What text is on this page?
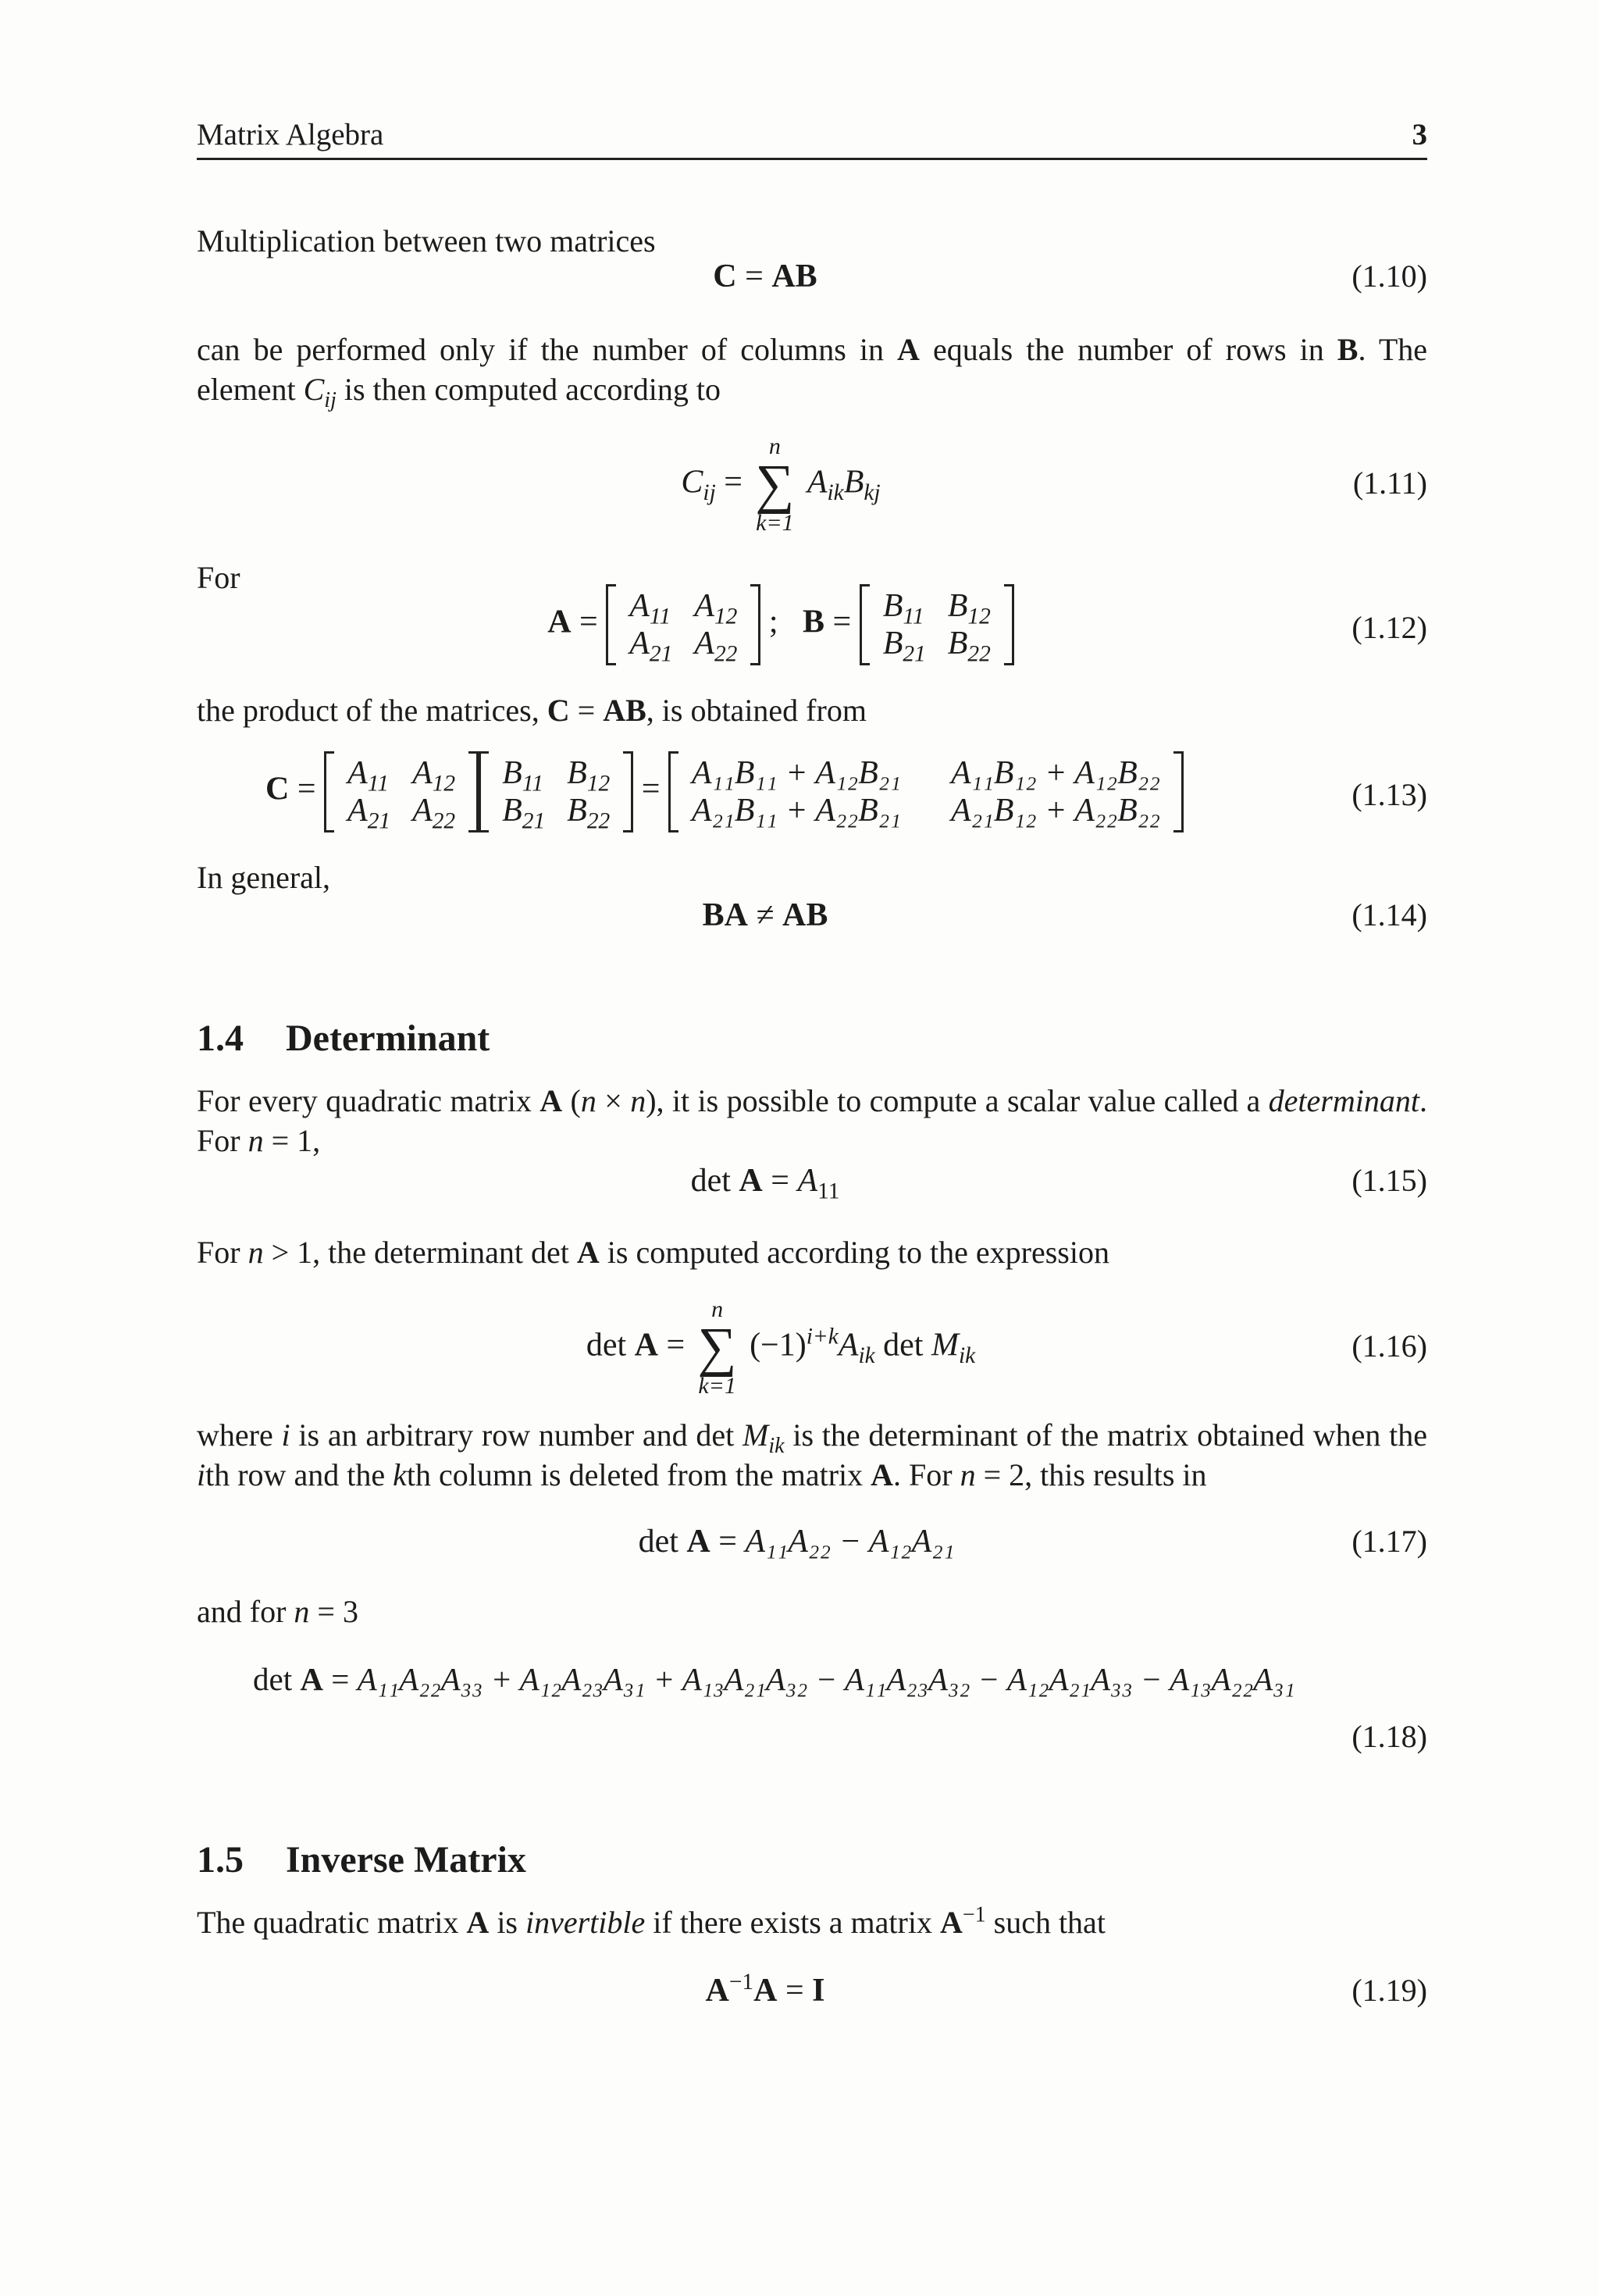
Matrix Algebra	3
Multiplication between two matrices
C = AB	(1.10)
can be performed only if the number of columns in A equals the number of rows in B. The element $C_{ij}$ is then computed according to
$C_{ij} = n$
∑
k=1 $A_{ik}B_{kj}$	(1.11)
For
$A = A_{11}$	$A_{12}$
$A_{21}$	$A_{22}$
;   $B = B_{11}$	$B_{12}$
$B_{21}$	$B_{22}$
(1.12)
the product of the matrices, C = AB, is obtained from
$C = A_{11}$	$A_{12}$
$A_{21}$	$A_{22}$
$B_{11}$	$B_{12}$
$B_{21}$	$B_{22}$
= A₁₁B₁₁ + A₁₂B₂₁	A₁₁B₁₂ + A₁₂B₂₂
A₂₁B₁₁ + A₂₂B₂₁	A₂₁B₁₂ + A₂₂B₂₂	(1.13)
In general,
BA ≠ AB	(1.14)
1.4 Determinant
For every quadratic matrix A (n × n), it is possible to compute a scalar value called a determinant. For n = 1,
$\det A = A_{11}$	(1.15)
For n > 1, the determinant det A is computed according to the expression
det A = n
∑
k=1 $(-1)^{i+k}A_{ik}$ $\det M_{ik}$	(1.16)
where i is an arbitrary row number and $\det M_{ik}$ is the determinant of the matrix obtained when the ith row and the kth column is deleted from the matrix A. For n = 2, this results in
det A = A₁₁A₂₂ − A₁₂A₂₁	(1.17)
and for n = 3
det A = A₁₁A₂₂A₃₃ + A₁₂A₂₃A₃₁ + A₁₃A₂₁A₃₂ − A₁₁A₂₃A₃₂ − A₁₂A₂₁A₃₃ − A₁₃A₂₂A₃₁
(1.18)
1.5 Inverse Matrix
The quadratic matrix A is invertible if there exists a matrix $A^{-1}$ such that
$A^{-1}A = I$	(1.19)
